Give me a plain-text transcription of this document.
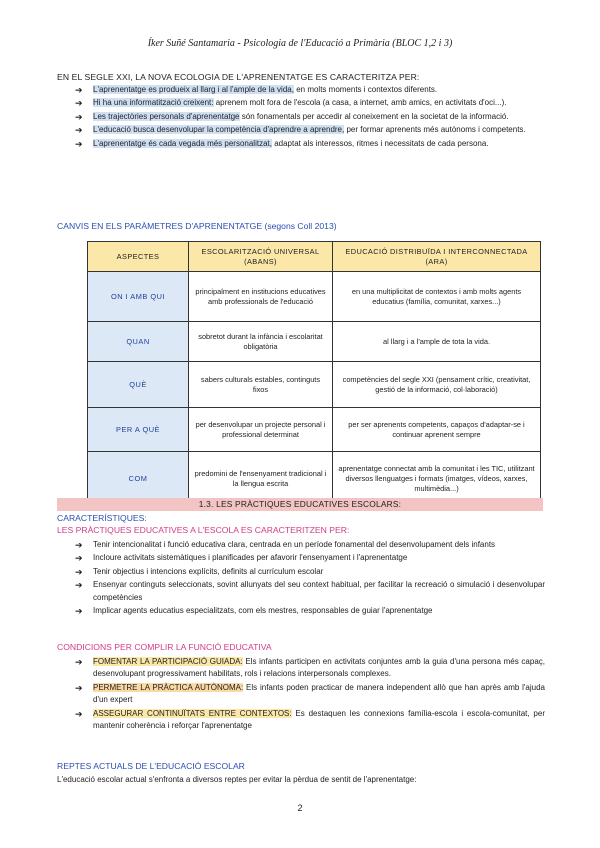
Íker Suñé Santamaria - Psicologia de l'Educació a Primària (BLOC 1,2 i 3)
EN EL SEGLE XXI, LA NOVA ECOLOGIA DE L'APRENENTATGE ES CARACTERITZA PER:
➔ L'aprenentatge es produeix al llarg i al l'ample de la vida, en molts moments i contextos diferents.
➔ Hi ha una informatització creixent: aprenem molt fora de l'escola (a casa, a internet, amb amics, en activitats d'oci...).
➔ Les trajectòries personals d'aprenentatge són fonamentals per accedir al coneixement en la societat de la informació.
➔ L'educació busca desenvolupar la competència d'aprendre a aprendre, per formar aprenents més autònoms i competents.
➔ L'aprenentatge és cada vegada més personalitzat, adaptat als interessos, ritmes i necessitats de cada persona.
CANVIS EN ELS PARÀMETRES D'APRENENTATGE (segons Coll 2013)
ASPECTES	ESCOLARITZACIÓ UNIVERSAL (ABANS)	EDUCACIÓ DISTRIBUÏDA I INTERCONNECTADA (ARA)
ON I AMB QUI	principalment en institucions educatives amb professionals de l'educació	en una multiplicitat de contextos i amb molts agents educatius (família, comunitat, xarxes...)
QUAN	sobretot durant la infància i escolaritat obligatòria	al llarg i a l'ample de tota la vida.
QUÈ	sabers culturals estables, continguts fixos	competències del segle XXI (pensament crític, creativitat, gestió de la informació, col·laboració)
PER A QUÈ	per desenvolupar un projecte personal i professional determinat	per ser aprenents competents, capaços d'adaptar-se i continuar aprenent sempre
COM	predomini de l'ensenyament tradicional i la llengua escrita	aprenentatge connectat amb la comunitat i les TIC, utilitzant diversos llenguatges i formats (imatges, vídeos, xarxes, multimèdia...)
1.3. LES PRÀCTIQUES EDUCATIVES ESCOLARS:
CARACTERÍSTIQUES:
LES PRÀCTIQUES EDUCATIVES A L'ESCOLA ES CARACTERITZEN PER:
➔ Tenir intencionalitat i funció educativa clara, centrada en un període fonamental del desenvolupament dels infants
➔ Incloure activitats sistemàtiques i planificades per afavorir l'ensenyament i l'aprenentatge
➔ Tenir objectius i intencions explícits, definits al currículum escolar
➔ Ensenyar continguts seleccionats, sovint allunyats del seu context habitual, per facilitar la recreació o simulació i desenvolupar competències
➔ Implicar agents educatius especialitzats, com els mestres, responsables de guiar l'aprenentatge
CONDICIONS PER COMPLIR LA FUNCIÓ EDUCATIVA
➔ FOMENTAR LA PARTICIPACIÓ GUIADA: Els infants participen en activitats conjuntes amb la guia d'una persona més capaç, desenvolupant progressivament habilitats, rols i relacions interpersonals complexes.
➔ PERMETRE LA PRÀCTICA AUTÒNOMA: Els infants poden practicar de manera independent allò que han après amb l'ajuda d'un expert
➔ ASSEGURAR CONTINUÏTATS ENTRE CONTEXTOS: Es destaquen les connexions família-escola i escola-comunitat, per mantenir coherència i reforçar l'aprenentatge
REPTES ACTUALS DE L'EDUCACIÓ ESCOLAR
L'educació escolar actual s'enfronta a diversos reptes per evitar la pèrdua de sentit de l'aprenentatge:
2
